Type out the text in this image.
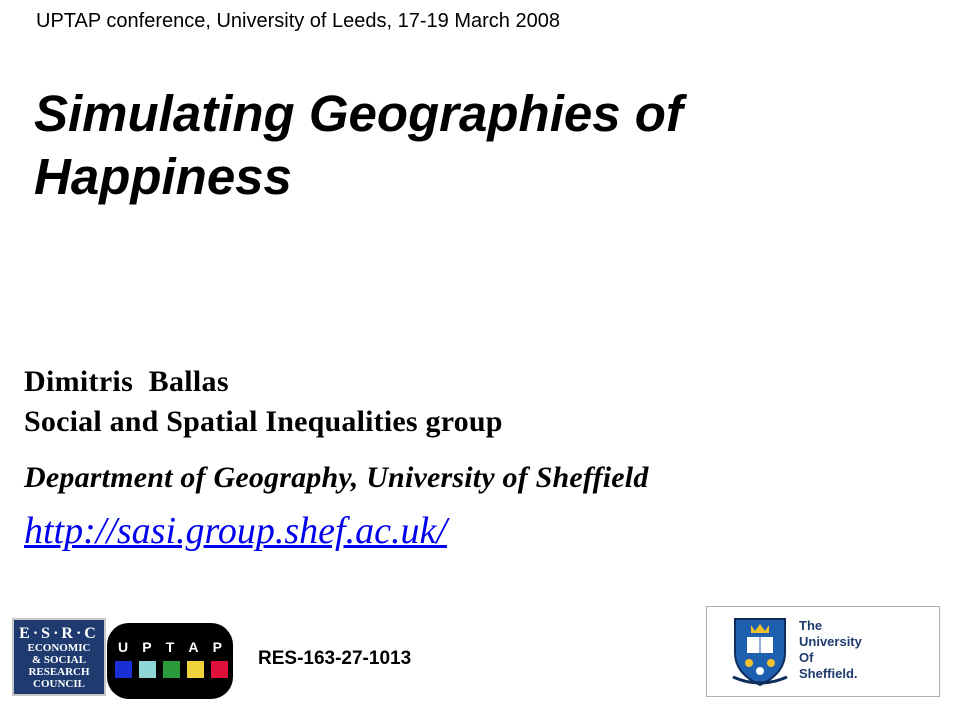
UPTAP conference, University of Leeds, 17-19 March 2008
Simulating Geographies of
Happiness
Dimitris  Ballas
Social and Spatial Inequalities group
Department of Geography, University of Sheffield
http://sasi.group.shef.ac.uk/
E·S·R·C
ECONOMIC
& SOCIAL
RESEARCH
COUNCIL
U P T A P
RES-163-27-1013
The
University
Of
Sheffield.
